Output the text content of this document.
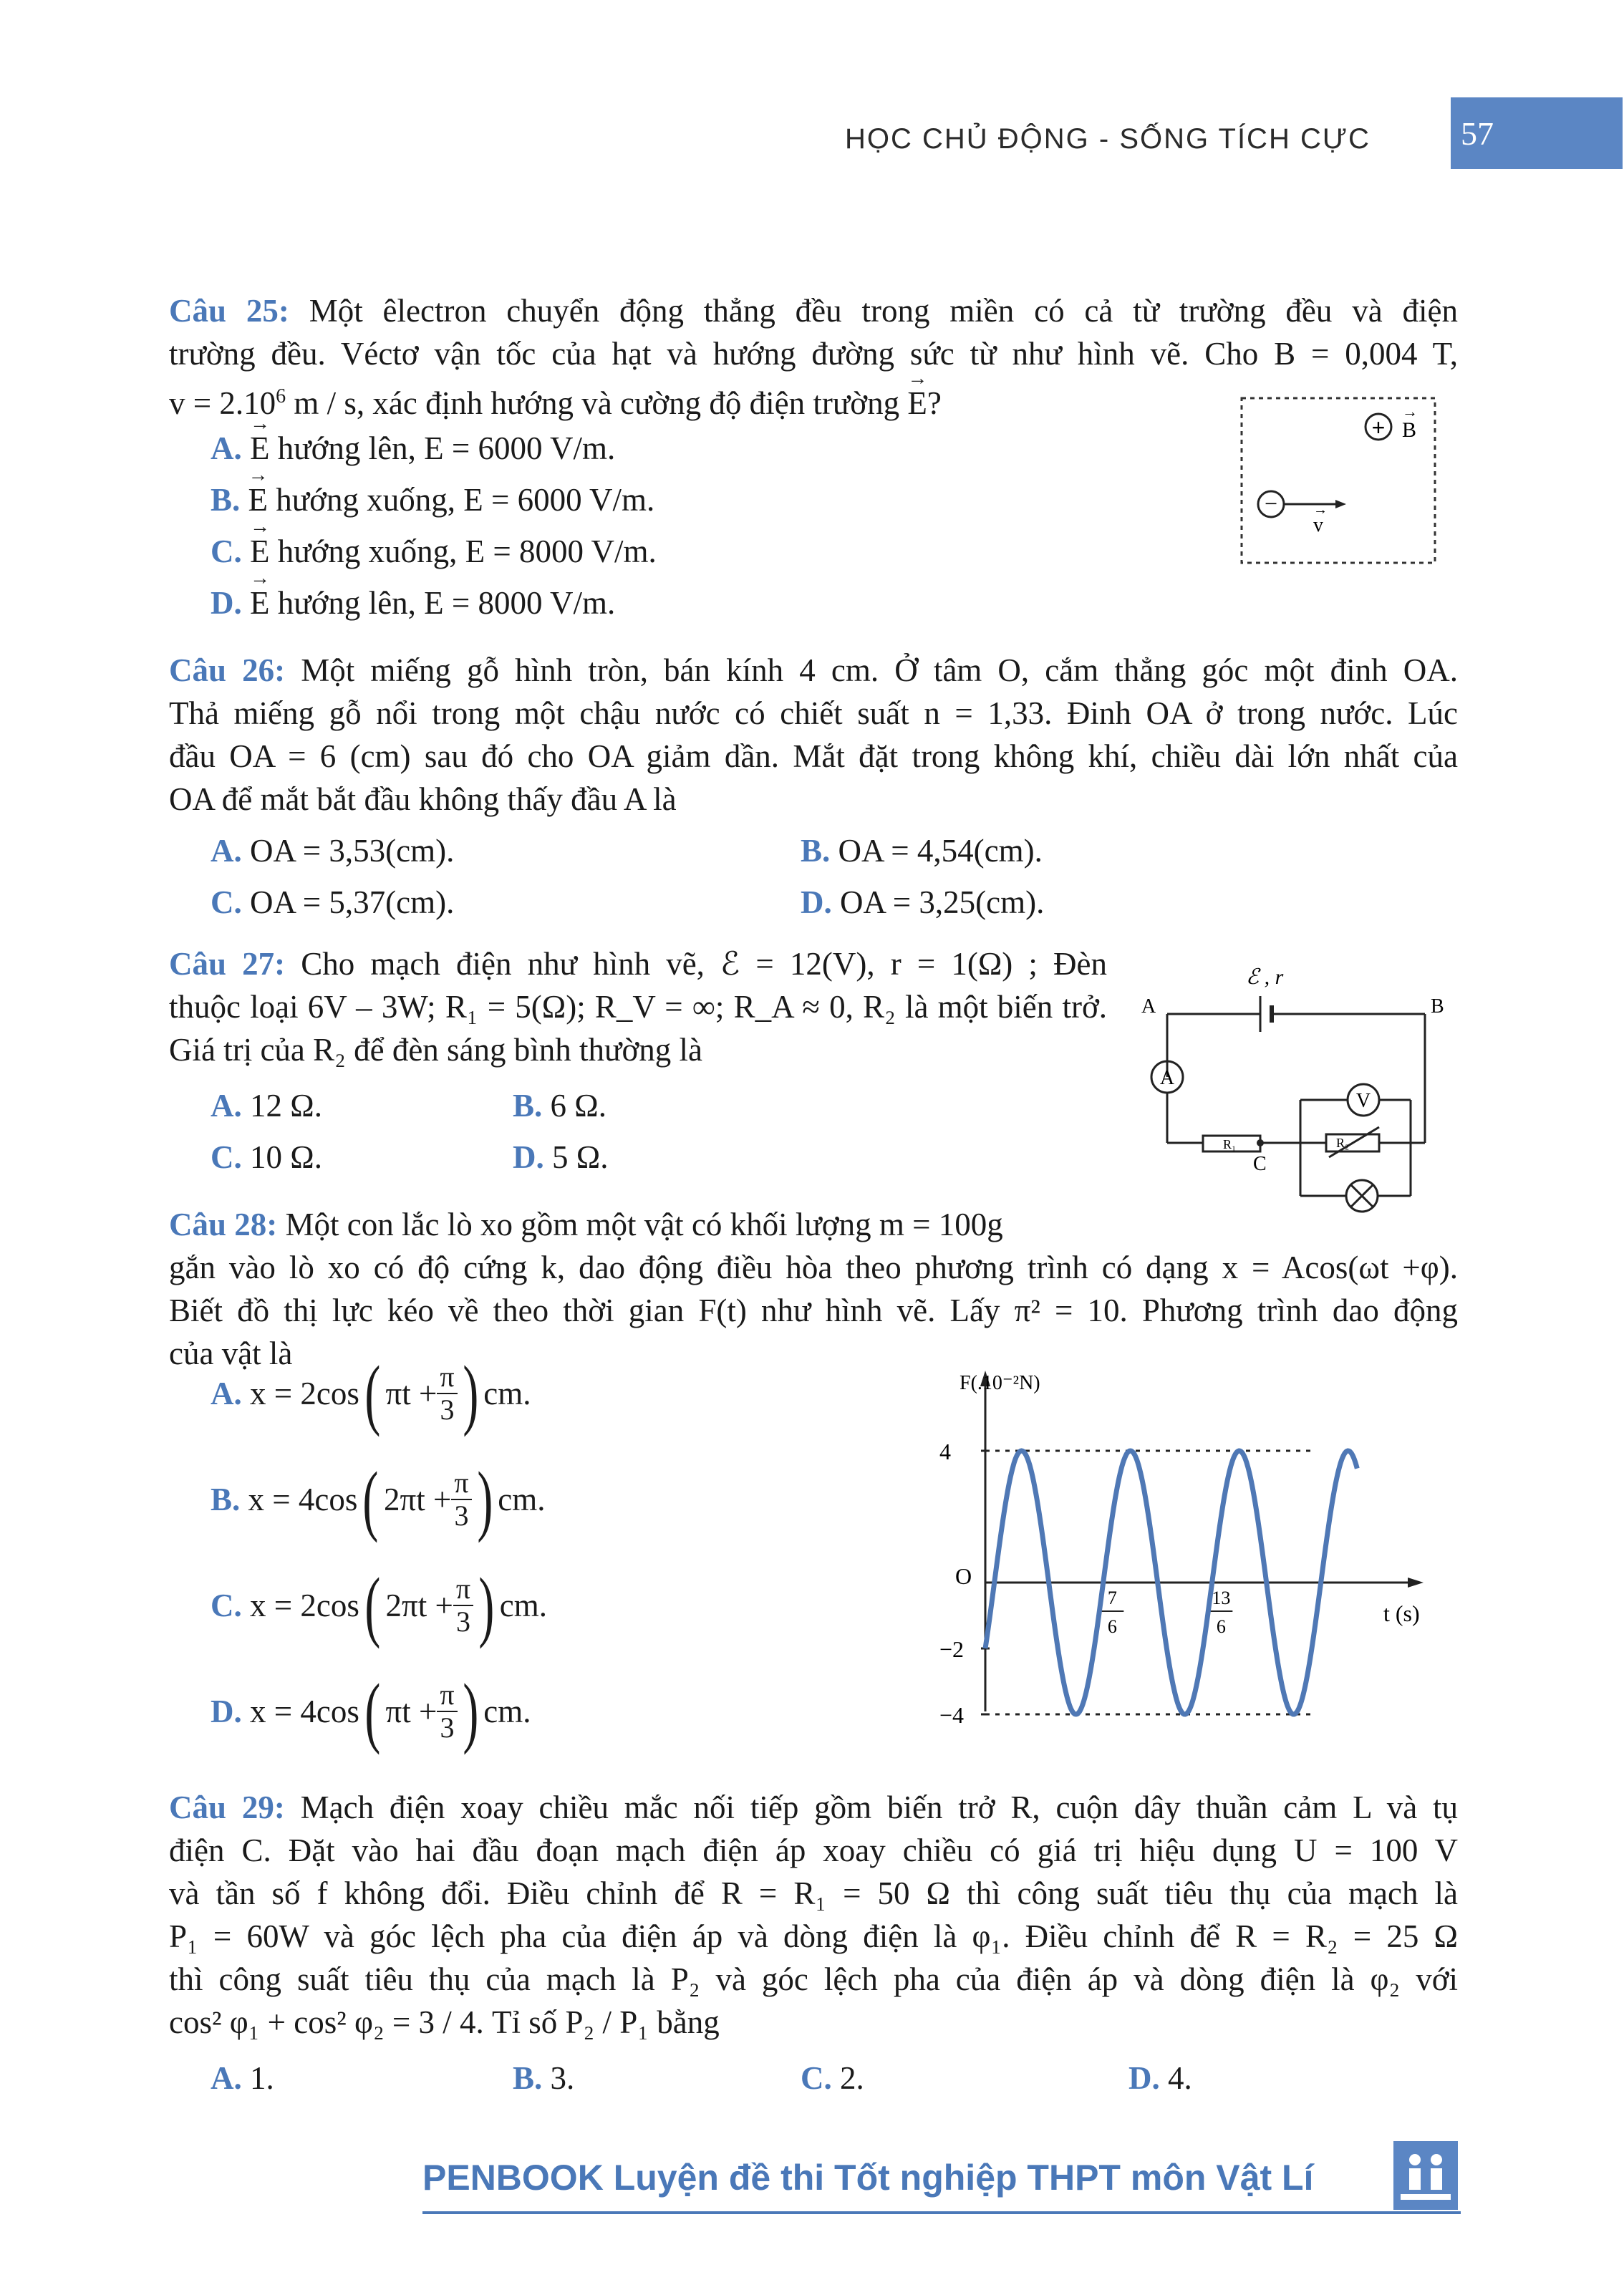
HỌC CHỦ ĐỘNG - SỐNG TÍCH CỰC	57
Câu 25: Một êlectron chuyển động thẳng đều trong miền có cả từ trường đều và điện
trường đều. Véctơ vận tốc của hạt và hướng đường sức từ như hình vẽ. Cho B = 0,004 T,
$v = 2.10^6$ m / s, xác định hướng và cường độ điện trường → E?
A. → E hướng lên, E = 6000 V/m.
B. → E hướng xuống, E = 6000 V/m.
C. → E hướng xuống, E = 8000 V/m.
D. → E hướng lên, E = 8000 V/m.
+ B
→
−
v
→
Câu 26: Một miếng gỗ hình tròn, bán kính 4 cm. Ở tâm O, cắm thẳng góc một đinh OA.
Thả miếng gỗ nổi trong một chậu nước có chiết suất n = 1,33. Đinh OA ở trong nước. Lúc
đầu OA = 6 (cm) sau đó cho OA giảm dần. Mắt đặt trong không khí, chiều dài lớn nhất của
OA để mắt bắt đầu không thấy đầu A là
A. OA = 3,53(cm).	B. OA = 4,54(cm).
C. OA = 5,37(cm).	D. OA = 3,25(cm).
Câu 27: Cho mạch điện như hình vẽ, ℰ = 12(V), r = 1(Ω) ; Đèn
thuộc loại 6V – 3W; R₁ = 5(Ω); R_V = ∞; R_A ≈ 0, R₂ là một biến trở.
Giá trị của R₂ để đèn sáng bình thường là
A. 12 Ω.	B. 6 Ω.
C. 10 Ω.	D. 5 Ω.
ℰ , r
A	B
A
V
R₁	R₂
C
Câu 28: Một con lắc lò xo gồm một vật có khối lượng m = 100g
gắn vào lò xo có độ cứng k, dao động điều hòa theo phương trình có dạng x = Acos(ωt +φ).
Biết đồ thị lực kéo về theo thời gian F(t) như hình vẽ. Lấy π² = 10. Phương trình dao động
của vật là
A.
x = 2cos ( $\pi t + \frac{\pi}{3}$ ) cm.
B.
x = 4cos ( $2\pi t + \frac{\pi}{3}$ ) cm.
C.
x = 2cos ( $2\pi t + \frac{\pi}{3}$ ) cm.
D.
x = 4cos ( $\pi t + \frac{\pi}{3}$ ) cm.
F(.10⁻²N)
t (s)
4
O
−2
−4
7
6
13
6
Câu 29: Mạch điện xoay chiều mắc nối tiếp gồm biến trở R, cuộn dây thuần cảm L và tụ
điện C. Đặt vào hai đầu đoạn mạch điện áp xoay chiều có giá trị hiệu dụng U = 100 V
và tần số f không đổi. Điều chỉnh để R = R₁ = 50 Ω thì công suất tiêu thụ của mạch là
P₁ = 60W và góc lệch pha của điện áp và dòng điện là φ₁. Điều chỉnh để R = R₂ = 25 Ω
thì công suất tiêu thụ của mạch là P₂ và góc lệch pha của điện áp và dòng điện là φ₂ với
cos² φ₁ + cos² φ₂ = 3 / 4. Tỉ số P₂ / P₁ bằng
A. 1.	B. 3.	C. 2.	D. 4.
PENBOOK Luyện đề thi Tốt nghiệp THPT môn Vật Lí
